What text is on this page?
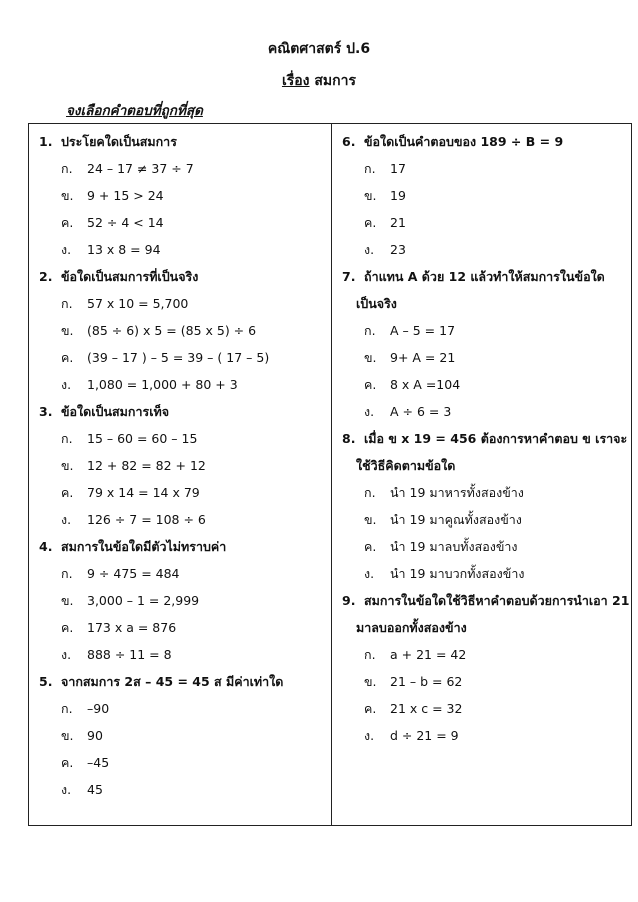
คณิตศาสตร์ ป.6
เรื่อง สมการ
จงเลือกคำตอบที่ถูกที่สุด
1. ประโยคใดเป็นสมการ
ก. 24 – 17 ≠ 37 ÷ 7
ข. 9 + 15 > 24
ค. 52 ÷ 4 < 14
ง. 13 x 8 = 94
2. ข้อใดเป็นสมการที่เป็นจริง
ก. 57 x 10 = 5,700
ข. (85 ÷ 6) x 5 = (85 x 5) ÷ 6
ค. (39 – 17 ) – 5 = 39 – ( 17 – 5)
ง. 1,080 = 1,000 + 80 + 3
3. ข้อใดเป็นสมการเท็จ
ก. 15 – 60 = 60 – 15
ข. 12 + 82 = 82 + 12
ค. 79 x 14 = 14 x 79
ง. 126 ÷ 7 = 108 ÷ 6
4. สมการในข้อใดมีตัวไม่ทราบค่า
ก. 9 ÷ 475 = 484
ข. 3,000 – 1 = 2,999
ค. 173 x a = 876
ง. 888 ÷ 11 = 8
5. จากสมการ 2ส – 45 = 45 ส มีค่าเท่าใด
ก. –90
ข. 90
ค. –45
ง. 45
6. ข้อใดเป็นคำตอบของ 189 ÷ B = 9
ก. 17
ข. 19
ค. 21
ง. 23
7. ถ้าแทน A ด้วย 12 แล้วทำให้สมการในข้อใด
เป็นจริง
ก. A – 5 = 17
ข. 9+ A = 21
ค. 8 x A =104
ง. A ÷ 6 = 3
8. เมื่อ ข x 19 = 456 ต้องการหาคำตอบ ข เราจะ
ใช้วิธีคิดตามข้อใด
ก. นำ 19 มาหารทั้งสองข้าง
ข. นำ 19 มาคูณทั้งสองข้าง
ค. นำ 19 มาลบทั้งสองข้าง
ง. นำ 19 มาบวกทั้งสองข้าง
9. สมการในข้อใดใช้วิธีหาคำตอบด้วยการนำเอา 21
มาลบออกทั้งสองข้าง
ก. a + 21 = 42
ข. 21 – b = 62
ค. 21 x c = 32
ง. d ÷ 21 = 9
